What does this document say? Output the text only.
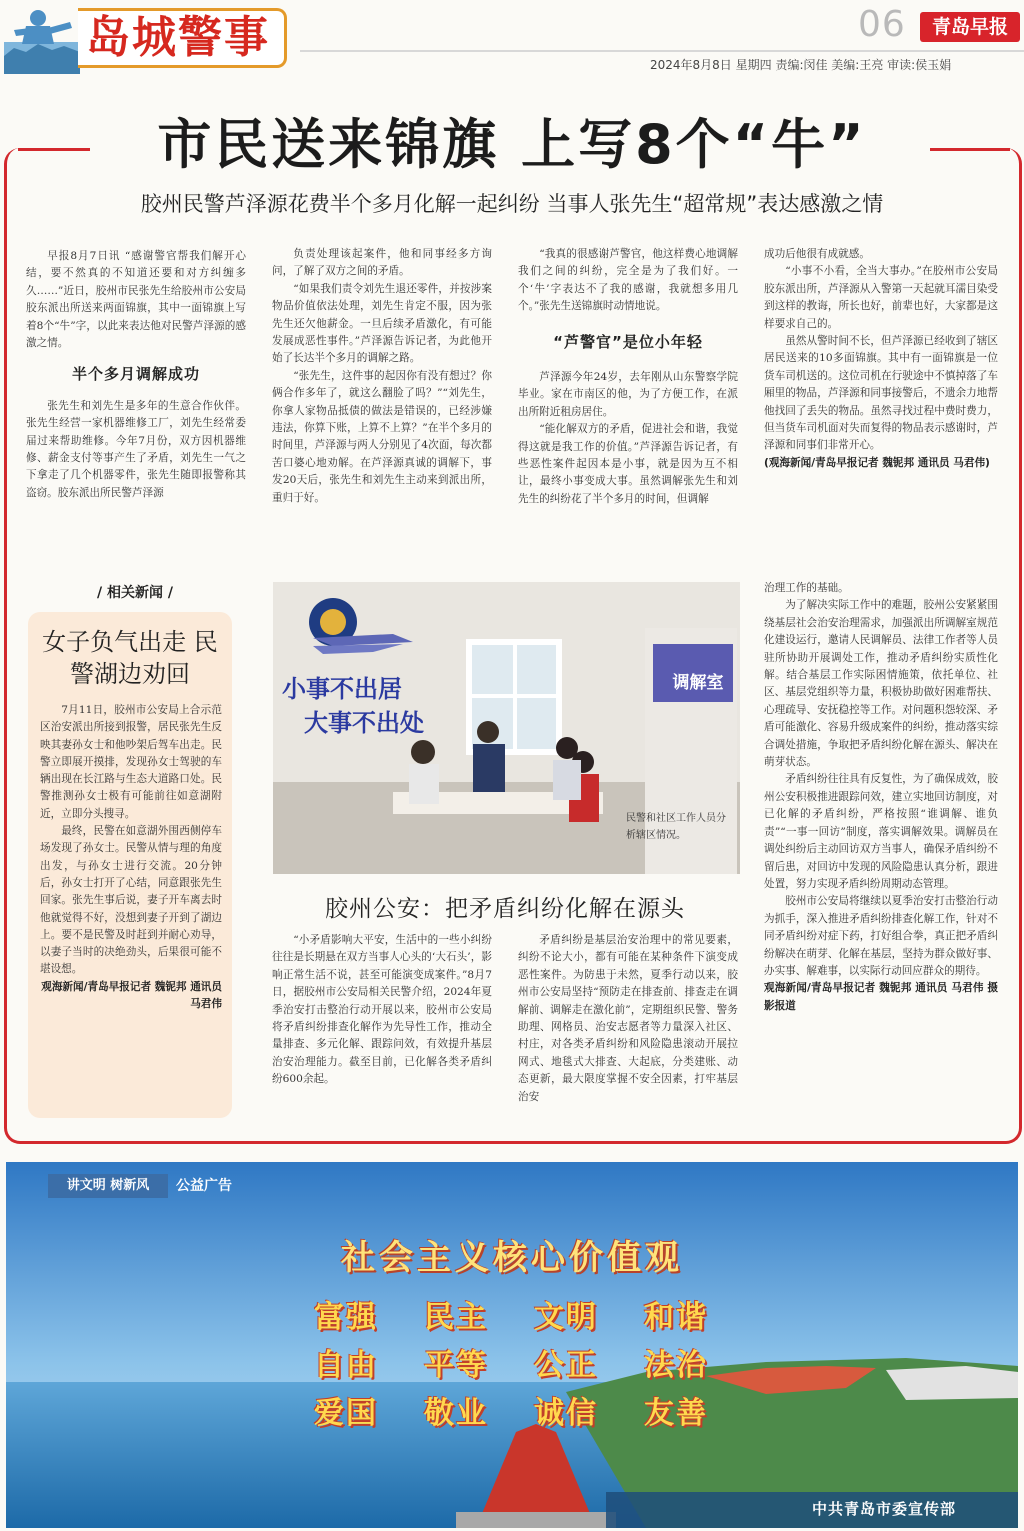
岛城警事	06	青岛早报
2024年8月8日 星期四 责编:闵佳 美编:王亮 审读:侯玉娟
市民送来锦旗 上写8个“牛”
胶州民警芦泽源花费半个多月化解一起纠纷 当事人张先生“超常规”表达感激之情

早报8月7日讯 “感谢警官帮我们解开心结，要不然真的不知道还要和对方纠缠多久……”近日，胶州市民张先生给胶州市公安局胶东派出所送来两面锦旗，其中一面锦旗上写着8个“牛”字，以此来表达他对民警芦泽源的感激之情。

半个多月调解成功

张先生和刘先生是多年的生意合作伙伴。张先生经营一家机器维修工厂，刘先生经常委届过来帮助维修。今年7月份，双方因机器维修、薪金支付等事产生了矛盾，刘先生一气之下拿走了几个机器零件，张先生随即报警称其盗窃。胶东派出所民警芦泽源

负责处理该起案件，他和同事经多方询问，了解了双方之间的矛盾。

“如果我们责令刘先生退还零件，并按涉案物品价值依法处理，刘先生肯定不服，因为张先生还欠他薪金。一旦后续矛盾激化，有可能发展成恶性事件。”芦泽源告诉记者，为此他开始了长达半个多月的调解之路。

“张先生，这件事的起因你有没有想过？你俩合作多年了，就这么翻脸了吗？”“刘先生，你拿人家物品抵债的做法是错误的，已经涉嫌违法，你算下账，上算不上算？”在半个多月的时间里，芦泽源与两人分别见了4次面，每次都苦口婆心地劝解。在芦泽源真诚的调解下，事发20天后，张先生和刘先生主动来到派出所，重归于好。

“我真的很感谢芦警官，他这样费心地调解我们之间的纠纷，完全是为了我们好。一个‘牛’字表达不了我的感谢，我就想多用几个。”张先生送锦旗时动情地说。

“芦警官”是位小年轻

芦泽源今年24岁，去年刚从山东警察学院毕业。家在市南区的他，为了方便工作，在派出所附近租房居住。

“能化解双方的矛盾，促进社会和谐，我觉得这就是我工作的价值。”芦泽源告诉记者，有些恶性案件起因本是小事，就是因为互不相让，最终小事变成大事。虽然调解张先生和刘先生的纠纷花了半个多月的时间，但调解

成功后他很有成就感。

“小事不小看，全当大事办。”在胶州市公安局胶东派出所，芦泽源从入警第一天起就耳濡目染受到这样的教诲，所长也好，前辈也好，大家都是这样要求自己的。

虽然从警时间不长，但芦泽源已经收到了辖区居民送来的10多面锦旗。其中有一面锦旗是一位货车司机送的。这位司机在行驶途中不慎掉落了车厢里的物品，芦泽源和同事接警后，不遗余力地帮他找回了丢失的物品。虽然寻找过程中费时费力，但当货车司机面对失而复得的物品表示感谢时，芦泽源和同事们非常开心。

(观海新闻/青岛早报记者 魏铌邦 通讯员 马君伟)

/ 相关新闻 /
女子负气出走 民警湖边劝回

7月11日，胶州市公安局上合示范区治安派出所接到报警，居民张先生反映其妻孙女士和他吵架后驾车出走。民警立即展开摸排，发现孙女士驾驶的车辆出现在长江路与生态大道路口处。民警推测孙女士极有可能前往如意湖附近，立即分头搜寻。

最终，民警在如意湖外围西侧停车场发现了孙女士。民警从情与理的角度出发，与孙女士进行交流。20分钟后，孙女士打开了心结，同意跟张先生回家。张先生事后说，妻子开车离去时他就觉得不好，没想到妻子开到了湖边上。要不是民警及时赶到并耐心劝导，以妻子当时的决绝劲头，后果很可能不堪设想。

观海新闻/青岛早报记者 魏铌邦 通讯员 马君伟

小事不出居
大事不出处
调解室
民警和社区工作人员分析辖区情况。
胶州公安：把矛盾纠纷化解在源头

“小矛盾影响大平安，生活中的一些小纠纷往往是长期悬在双方当事人心头的‘大石头’，影响正常生活不说，甚至可能演变成案件。”8月7日，据胶州市公安局相关民警介绍，2024年夏季治安打击整治行动开展以来，胶州市公安局将矛盾纠纷排查化解作为先导性工作，推动全量排查、多元化解、跟踪问效，有效提升基层治安治理能力。截至目前，已化解各类矛盾纠纷600余起。

矛盾纠纷是基层治安治理中的常见要素，纠纷不论大小，都有可能在某种条件下演变成恶性案件。为防患于未然，夏季行动以来，胶州市公安局坚持“预防走在排查前、排查走在调解前、调解走在激化前”，定期组织民警、警务助理、网格员、治安志愿者等力量深入社区、村庄，对各类矛盾纠纷和风险隐患滚动开展拉网式、地毯式大排查、大起底，分类建账、动态更新，最大限度掌握不安全因素，打牢基层治安

治理工作的基础。

为了解决实际工作中的难题，胶州公安紧紧围绕基层社会治安治理需求，加强派出所调解室规范化建设运行，邀请人民调解员、法律工作者等人员驻所协助开展调处工作，推动矛盾纠纷实质性化解。结合基层工作实际困情施策，依托单位、社区、基层党组织等力量，积极协助做好困难帮扶、心理疏导、安抚稳控等工作。对问题积怨较深、矛盾可能激化、容易升级成案件的纠纷，推动落实综合调处措施，争取把矛盾纠纷化解在源头、解决在萌芽状态。

矛盾纠纷往往具有反复性，为了确保成效，胶州公安积极推进跟踪问效，建立实地回访制度，对已化解的矛盾纠纷，严格按照“谁调解、谁负责”“一事一回访”制度，落实调解效果。调解员在调处纠纷后主动回访双方当事人，确保矛盾纠纷不留后患，对回访中发现的风险隐患认真分析，跟进处置，努力实现矛盾纠纷周期动态管理。

胶州市公安局将继续以夏季治安打击整治行动为抓手，深入推进矛盾纠纷排查化解工作，针对不同矛盾纠纷对症下药，打好组合拳，真正把矛盾纠纷解决在萌芽、化解在基层，坚持为群众做好事、办实事、解难事，以实际行动回应群众的期待。

观海新闻/青岛早报记者 魏铌邦 通讯员 马君伟 摄影报道

讲文明 树新风	公益广告
社会主义核心价值观
富强	民主	文明	和谐
自由	平等	公正	法治
爱国	敬业	诚信	友善
中共青岛市委宣传部
